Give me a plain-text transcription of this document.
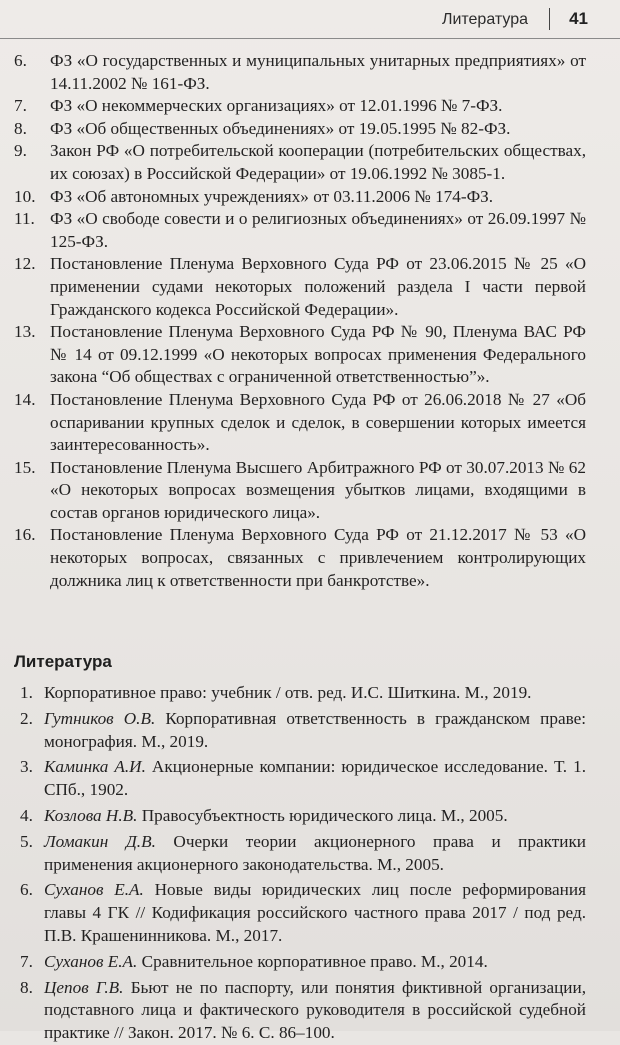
Литература 41
6. ФЗ «О государственных и муниципальных унитарных предприятиях» от 14.11.2002 № 161-ФЗ.
7. ФЗ «О некоммерческих организациях» от 12.01.1996 № 7-ФЗ.
8. ФЗ «Об общественных объединениях» от 19.05.1995 № 82-ФЗ.
9. Закон РФ «О потребительской кооперации (потребительских обществах, их союзах) в Российской Федерации» от 19.06.1992 № 3085-1.
10. ФЗ «Об автономных учреждениях» от 03.11.2006 № 174-ФЗ.
11. ФЗ «О свободе совести и о религиозных объединениях» от 26.09.1997 № 125-ФЗ.
12. Постановление Пленума Верховного Суда РФ от 23.06.2015 № 25 «О применении судами некоторых положений раздела I части первой Гражданского кодекса Российской Федерации».
13. Постановление Пленума Верховного Суда РФ № 90, Пленума ВАС РФ № 14 от 09.12.1999 «О некоторых вопросах применения Федерального закона “Об обществах с ограниченной ответственностью”».
14. Постановление Пленума Верховного Суда РФ от 26.06.2018 № 27 «Об оспаривании крупных сделок и сделок, в совершении которых имеется заинтересованность».
15. Постановление Пленума Высшего Арбитражного РФ от 30.07.2013 № 62 «О некоторых вопросах возмещения убытков лицами, входящими в состав органов юридического лица».
16. Постановление Пленума Верховного Суда РФ от 21.12.2017 № 53 «О некоторых вопросах, связанных с привлечением контролирующих должника лиц к ответственности при банкротстве».
Литература
1. Корпоративное право: учебник / отв. ред. И.С. Шиткина. М., 2019.
2. Гутников О.В. Корпоративная ответственность в гражданском праве: монография. М., 2019.
3. Каминка А.И. Акционерные компании: юридическое исследование. Т. 1. СПб., 1902.
4. Козлова Н.В. Правосубъектность юридического лица. М., 2005.
5. Ломакин Д.В. Очерки теории акционерного права и практики применения акционерного законодательства. М., 2005.
6. Суханов Е.А. Новые виды юридических лиц после реформирования главы 4 ГК // Кодификация российского частного права 2017 / под ред. П.В. Крашенинникова. М., 2017.
7. Суханов Е.А. Сравнительное корпоративное право. М., 2014.
8. Цепов Г.В. Бьют не по паспорту, или понятия фиктивной организации, подставного лица и фактического руководителя в российской судебной практике // Закон. 2017. № 6. С. 86–100.
